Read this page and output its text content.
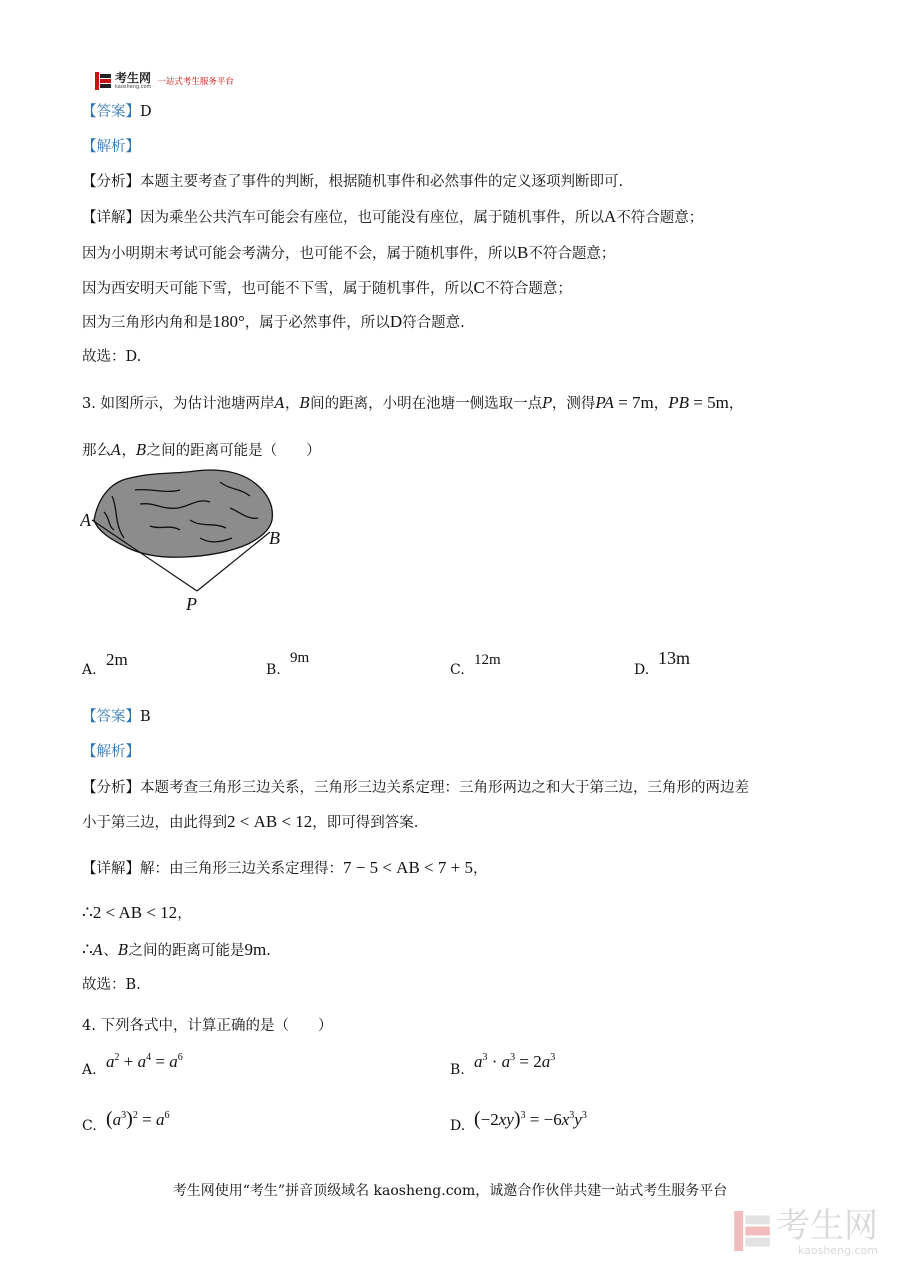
考生网
kaosheng.com 一站式考生服务平台
【答案】D
【解析】
【分析】本题主要考查了事件的判断，根据随机事件和必然事件的定义逐项判断即可.
【详解】因为乘坐公共汽车可能会有座位，也可能没有座位，属于随机事件，所以A不符合题意；
因为小明期末考试可能会考满分，也可能不会，属于随机事件，所以B不符合题意；
因为西安明天可能下雪，也可能不下雪，属于随机事件，所以C不符合题意；
因为三角形内角和是180°，属于必然事件，所以D符合题意.
故选：D.
3. 如图所示，为估计池塘两岸A，B间的距离，小明在池塘一侧选取一点P，测得PA = 7m，PB = 5m，
那么A，B之间的距离可能是（　　）
A
B
P
A.
2m
B.
9m
C.
12m
D.
13m
【答案】B
【解析】
【分析】本题考查三角形三边关系，三角形三边关系定理：三角形两边之和大于第三边，三角形的两边差
小于第三边，由此得到2 < AB < 12，即可得到答案.
【详解】解：由三角形三边关系定理得：7 − 5 < AB < 7 + 5，
∴2 < AB < 12，
∴A、B之间的距离可能是9m.
故选：B.
4. 下列各式中，计算正确的是（　　）
A. $a^2 + a^4 = a^6$
B. $a^3 \cdot a^3 = 2a^3$
C. $(a^3)^2 = a^6$
D. $(-2xy)^3 = -6x^3y^3$
考生网使用“考生”拼音顶级域名 kaosheng.com，诚邀合作伙伴共建一站式考生服务平台
考生网
kaosheng.com
